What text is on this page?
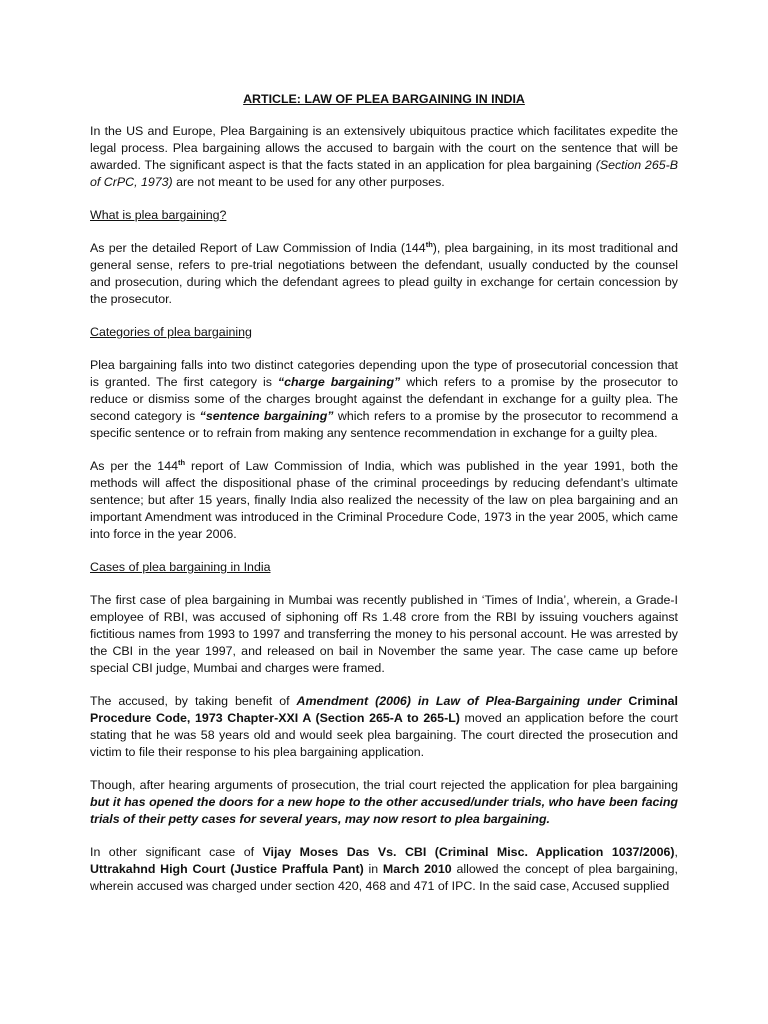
ARTICLE: LAW OF PLEA BARGAINING IN INDIA

In the US and Europe, Plea Bargaining is an extensively ubiquitous practice which facilitates expedite the legal process. Plea bargaining allows the accused to bargain with the court on the sentence that will be awarded. The significant aspect is that the facts stated in an application for plea bargaining (Section 265-B of CrPC, 1973) are not meant to be used for any other purposes.

What is plea bargaining?

As per the detailed Report of Law Commission of India (144th), plea bargaining, in its most traditional and general sense, refers to pre-trial negotiations between the defendant, usually conducted by the counsel and prosecution, during which the defendant agrees to plead guilty in exchange for certain concession by the prosecutor.

Categories of plea bargaining

Plea bargaining falls into two distinct categories depending upon the type of prosecutorial concession that is granted. The first category is “charge bargaining” which refers to a promise by the prosecutor to reduce or dismiss some of the charges brought against the defendant in exchange for a guilty plea. The second category is “sentence bargaining” which refers to a promise by the prosecutor to recommend a specific sentence or to refrain from making any sentence recommendation in exchange for a guilty plea.

As per the 144th report of Law Commission of India, which was published in the year 1991, both the methods will affect the dispositional phase of the criminal proceedings by reducing defendant’s ultimate sentence; but after 15 years, finally India also realized the necessity of the law on plea bargaining and an important Amendment was introduced in the Criminal Procedure Code, 1973 in the year 2005, which came into force in the year 2006.

Cases of plea bargaining in India

The first case of plea bargaining in Mumbai was recently published in ‘Times of India’, wherein, a Grade-I employee of RBI, was accused of siphoning off Rs 1.48 crore from the RBI by issuing vouchers against fictitious names from 1993 to 1997 and transferring the money to his personal account. He was arrested by the CBI in the year 1997, and released on bail in November the same year. The case came up before special CBI judge, Mumbai and charges were framed.

The accused, by taking benefit of Amendment (2006) in Law of Plea-Bargaining under Criminal Procedure Code, 1973 Chapter-XXI A (Section 265-A to 265-L) moved an application before the court stating that he was 58 years old and would seek plea bargaining. The court directed the prosecution and victim to file their response to his plea bargaining application.

Though, after hearing arguments of prosecution, the trial court rejected the application for plea bargaining but it has opened the doors for a new hope to the other accused/under trials, who have been facing trials of their petty cases for several years, may now resort to plea bargaining.

In other significant case of Vijay Moses Das Vs. CBI (Criminal Misc. Application 1037/2006), Uttrakahnd High Court (Justice Praffula Pant) in March 2010 allowed the concept of plea bargaining, wherein accused was charged under section 420, 468 and 471 of IPC. In the said case, Accused supplied
